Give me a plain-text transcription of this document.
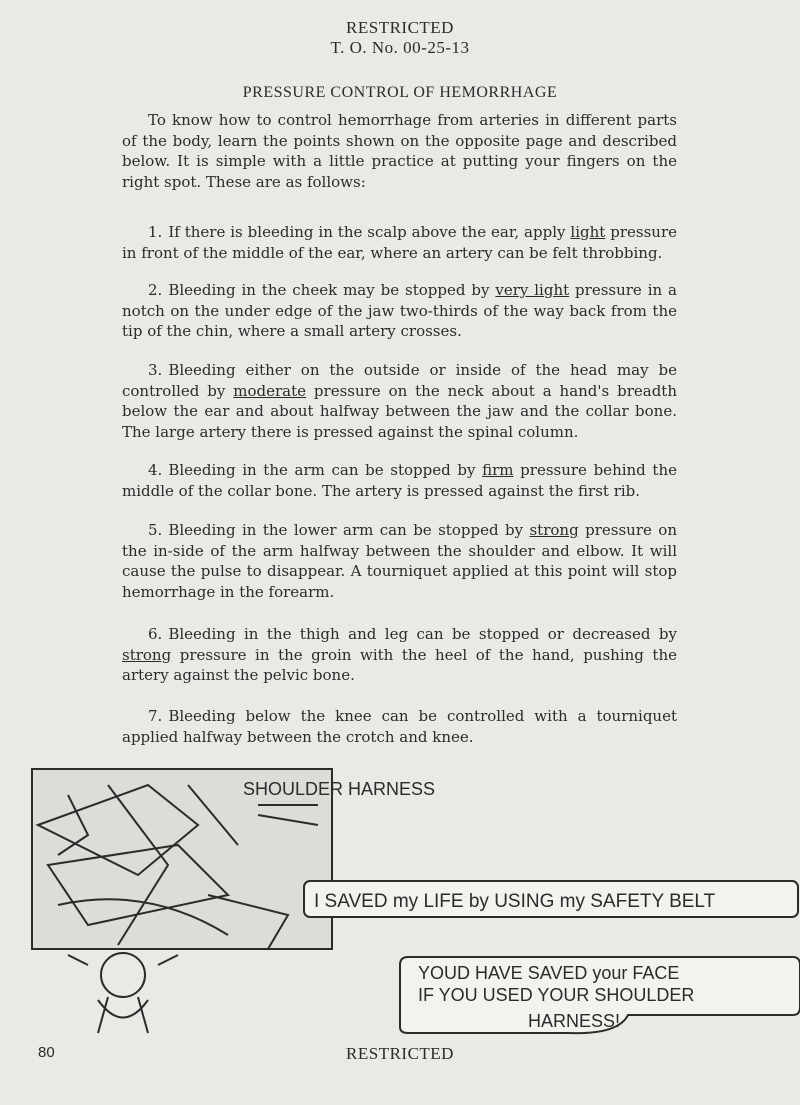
RESTRICTED
T. O. No. 00-25-13
PRESSURE CONTROL OF HEMORRHAGE
To know how to control hemorrhage from arteries in different parts of the body, learn the points shown on the opposite page and described below. It is simple with a little practice at putting your fingers on the right spot. These are as follows:
1. If there is bleeding in the scalp above the ear, apply light pressure in front of the middle of the ear, where an artery can be felt throbbing.
2. Bleeding in the cheek may be stopped by very light pressure in a notch on the under edge of the jaw two-thirds of the way back from the tip of the chin, where a small artery crosses.
3. Bleeding either on the outside or inside of the head may be controlled by moderate pressure on the neck about a hand's breadth below the ear and about halfway between the jaw and the collar bone. The large artery there is pressed against the spinal column.
4. Bleeding in the arm can be stopped by firm pressure behind the middle of the collar bone. The artery is pressed against the first rib.
5. Bleeding in the lower arm can be stopped by strong pressure on the in-side of the arm halfway between the shoulder and elbow. It will cause the pulse to disappear. A tourniquet applied at this point will stop hemorrhage in the forearm.
6. Bleeding in the thigh and leg can be stopped or decreased by strong pressure in the groin with the heel of the hand, pushing the artery against the pelvic bone.
7. Bleeding below the knee can be controlled with a tourniquet applied halfway between the crotch and knee.
SHOULDER HARNESS
I SAVED my LIFE by USING my SAFETY BELT
YOUD HAVE SAVED your FACE
IF YOU USED YOUR SHOULDER
HARNESS!
80	RESTRICTED
